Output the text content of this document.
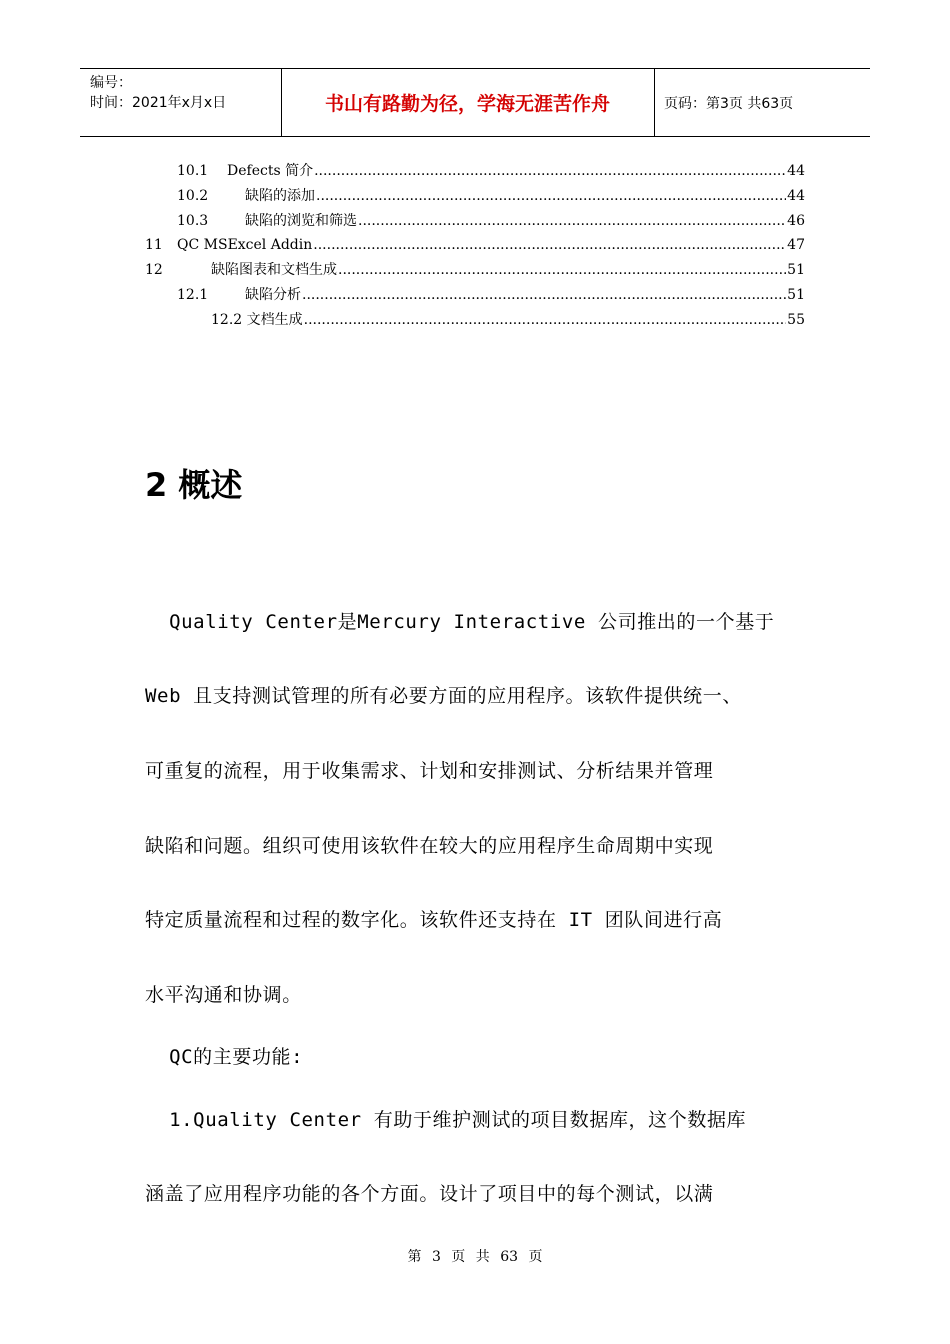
编号：
时间：2021年x月x日	书山有路勤为径，学海无涯苦作舟	页码：第3页 共63页
10.1 Defects 简介 .....	44
10.2	缺陷的添加 .....	44
10.3	缺陷的浏览和筛选 .....	46
11	QC MSExcel Addin .....	47
12	缺陷图表和文档生成 .....	51
12.1	缺陷分析 .....	51
12.2 文档生成 .....	55
2 概述
Quality Center是Mercury Interactive 公司推出的一个基于
Web 且支持测试管理的所有必要方面的应用程序。该软件提供统一、
可重复的流程，用于收集需求、计划和安排测试、分析结果并管理
缺陷和问题。组织可使用该软件在较大的应用程序生命周期中实现
特定质量流程和过程的数字化。该软件还支持在 IT 团队间进行高
水平沟通和协调。
QC的主要功能:
1.Quality Center 有助于维护测试的项目数据库，这个数据库
涵盖了应用程序功能的各个方面。设计了项目中的每个测试，以满
第 3 页 共 63 页
